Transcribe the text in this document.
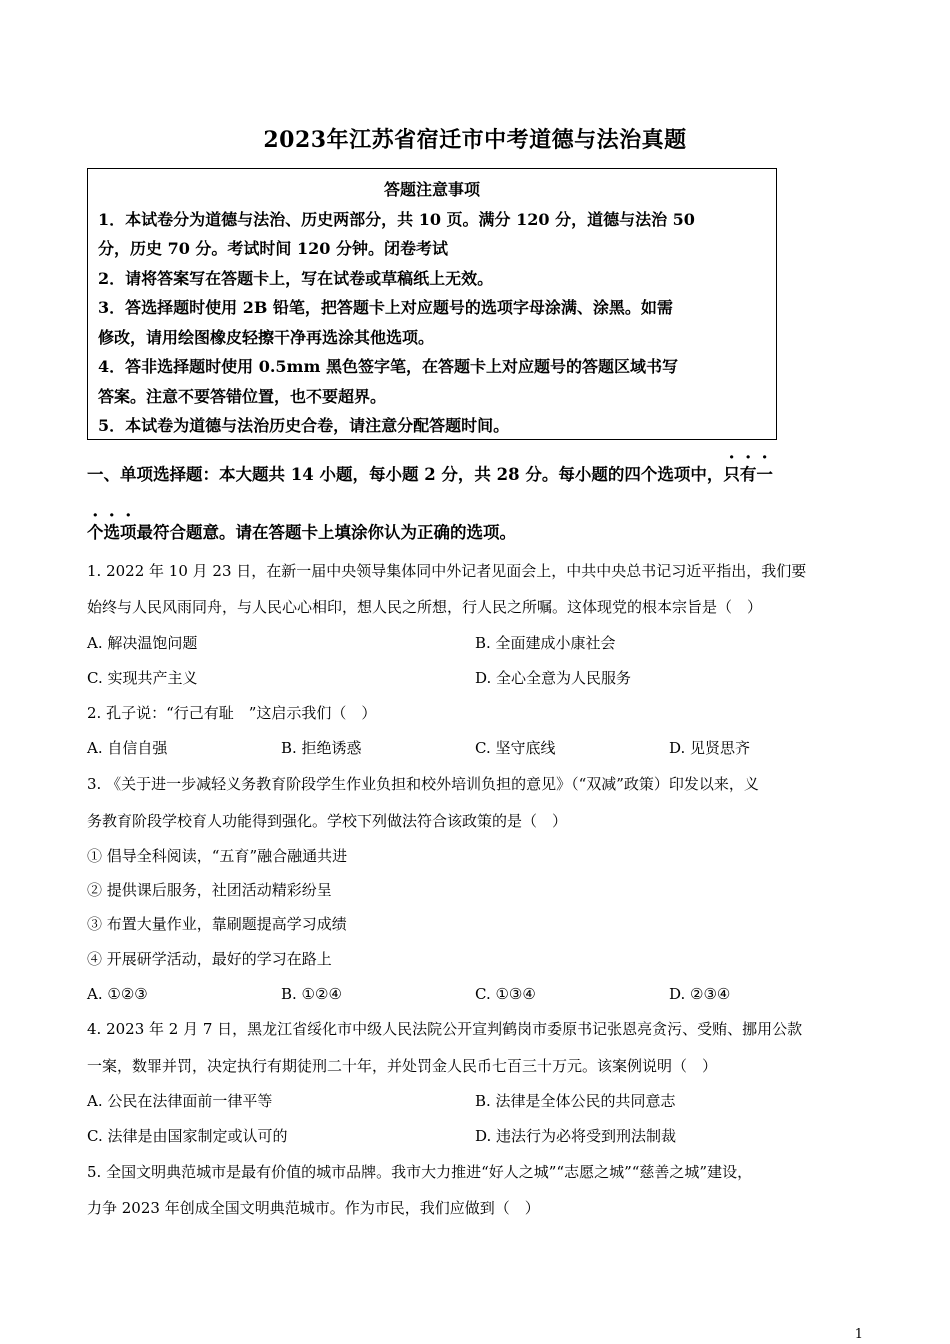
2023年江苏省宿迁市中考道德与法治真题
答题注意事项
1．本试卷分为道德与法治、历史两部分，共 10 页。满分 120 分，道德与法治 50
分，历史 70 分。考试时间 120 分钟。闭卷考试
2．请将答案写在答题卡上，写在试卷或草稿纸上无效。
3．答选择题时使用 2B 铅笔，把答题卡上对应题号的选项字母涂满、涂黑。如需
修改，请用绘图橡皮轻擦干净再选涂其他选项。
4．答非选择题时使用 0.5mm 黑色签字笔，在答题卡上对应题号的答题区域书写
答案。注意不要答错位置，也不要超界。
5．本试卷为道德与法治历史合卷，请注意分配答题时间。
一、单项选择题：本大题共 14 小题，每小题 2 分，共 28 分。每小题的四个选项中，只有一
个选项最符合题意。请在答题卡上填涂你认为正确的选项。
1. 2022 年 10 月 23 日，在新一届中央领导集体同中外记者见面会上，中共中央总书记习近平指出，我们要
始终与人民风雨同舟，与人民心心相印，想人民之所想，行人民之所嘱。这体现党的根本宗旨是（　）
A. 解决温饱问题	B. 全面建成小康社会
C. 实现共产主义	D. 全心全意为人民服务
2. 孔子说：“行己有耻　”这启示我们（　）
A. 自信自强	B. 拒绝诱惑	C. 坚守底线	D. 见贤思齐
3. 《关于进一步减轻义务教育阶段学生作业负担和校外培训负担的意见》（“双减”政策）印发以来，义
务教育阶段学校育人功能得到强化。学校下列做法符合该政策的是（　）
① 倡导全科阅读，“五育”融合融通共进
② 提供课后服务，社团活动精彩纷呈
③ 布置大量作业，靠刷题提高学习成绩
④ 开展研学活动，最好的学习在路上
A. ①②③	B. ①②④	C. ①③④	D. ②③④
4. 2023 年 2 月 7 日，黑龙江省绥化市中级人民法院公开宣判鹤岗市委原书记张恩亮贪污、受贿、挪用公款
一案，数罪并罚，决定执行有期徒刑二十年，并处罚金人民币七百三十万元。该案例说明（　）
A. 公民在法律面前一律平等	B. 法律是全体公民的共同意志
C. 法律是由国家制定或认可的	D. 违法行为必将受到刑法制裁
5. 全国文明典范城市是最有价值的城市品牌。我市大力推进“好人之城”“志愿之城”“慈善之城”建设，
力争 2023 年创成全国文明典范城市。作为市民，我们应做到（　）
1
